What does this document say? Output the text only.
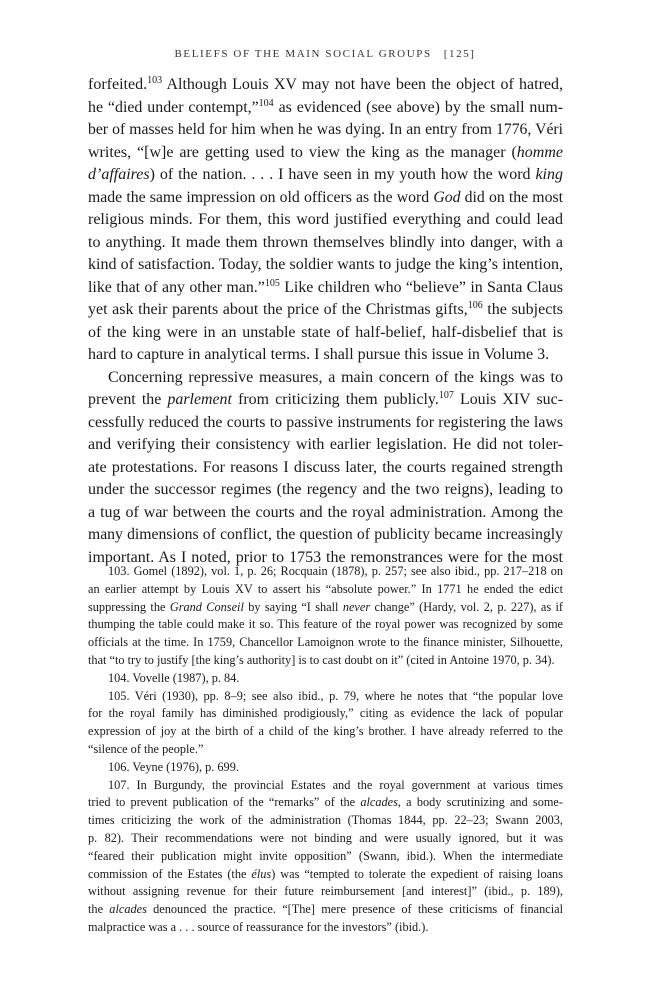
BELIEFS OF THE MAIN SOCIAL GROUPS [125]
forfeited.$^{103}$ Although Louis XV may not have been the object of hatred,
he “died under contempt,”$^{104}$ as evidenced (see above) by the small num-
ber of masses held for him when he was dying. In an entry from 1776, Véri
writes, “[w]e are getting used to view the king as the manager (homme
d’affaires) of the nation. . . . I have seen in my youth how the word king
made the same impression on old officers as the word God did on the most
religious minds. For them, this word justified everything and could lead
to anything. It made them thrown themselves blindly into danger, with a
kind of satisfaction. Today, the soldier wants to judge the king’s intention,
like that of any other man.”$^{105}$ Like children who “believe” in Santa Claus
yet ask their parents about the price of the Christmas gifts,$^{106}$ the subjects
of the king were in an unstable state of half-belief, half-disbelief that is
hard to capture in analytical terms. I shall pursue this issue in Volume 3.
Concerning repressive measures, a main concern of the kings was to
prevent the parlement from criticizing them publicly.$^{107}$ Louis XIV suc-
cessfully reduced the courts to passive instruments for registering the laws
and verifying their consistency with earlier legislation. He did not toler-
ate protestations. For reasons I discuss later, the courts regained strength
under the successor regimes (the regency and the two reigns), leading to
a tug of war between the courts and the royal administration. Among the
many dimensions of conflict, the question of publicity became increasingly
important. As I noted, prior to 1753 the remonstrances were for the most
103. Gomel (1892), vol. 1, p. 26; Rocquain (1878), p. 257; see also ibid., pp. 217–218 on
an earlier attempt by Louis XV to assert his “absolute power.” In 1771 he ended the edict
suppressing the Grand Conseil by saying “I shall never change” (Hardy, vol. 2, p. 227), as if
thumping the table could make it so. This feature of the royal power was recognized by some
officials at the time. In 1759, Chancellor Lamoignon wrote to the finance minister, Silhouette,
that “to try to justify [the king’s authority] is to cast doubt on it” (cited in Antoine 1970, p. 34).
104. Vovelle (1987), p. 84.
105. Véri (1930), pp. 8–9; see also ibid., p. 79, where he notes that “the popular love
for the royal family has diminished prodigiously,” citing as evidence the lack of popular
expression of joy at the birth of a child of the king’s brother. I have already referred to the
“silence of the people.”
106. Veyne (1976), p. 699.
107. In Burgundy, the provincial Estates and the royal government at various times
tried to prevent publication of the “remarks” of the alcades, a body scrutinizing and some-
times criticizing the work of the administration (Thomas 1844, pp. 22–23; Swann 2003,
p. 82). Their recommendations were not binding and were usually ignored, but it was
“feared their publication might invite opposition” (Swann, ibid.). When the intermediate
commission of the Estates (the élus) was “tempted to tolerate the expedient of raising loans
without assigning revenue for their future reimbursement [and interest]” (ibid., p. 189),
the alcades denounced the practice. “[The] mere presence of these criticisms of financial
malpractice was a . . . source of reassurance for the investors” (ibid.).
